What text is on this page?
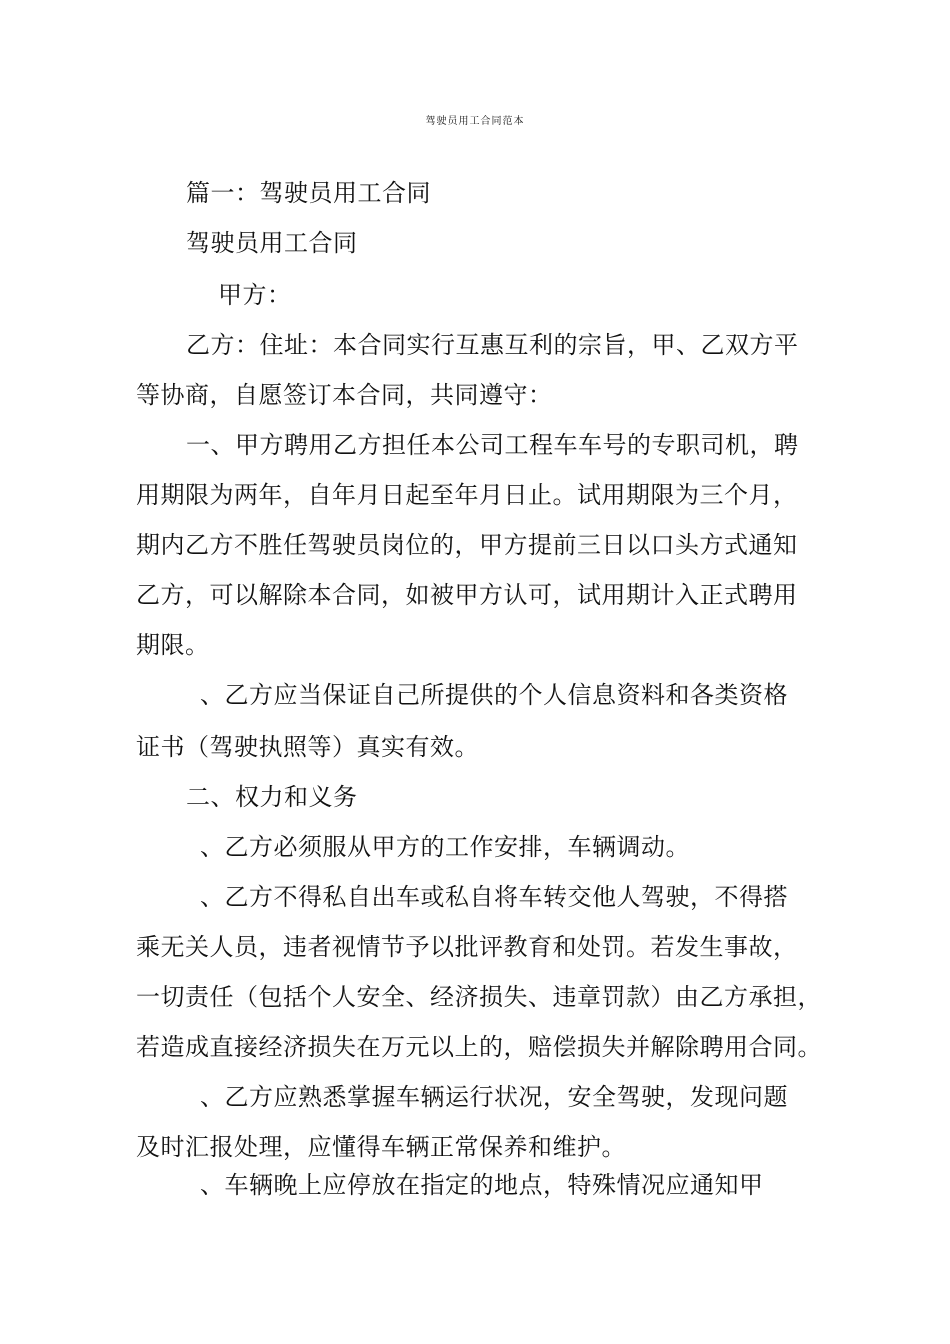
驾驶员用工合同范本
篇一：驾驶员用工合同
驾驶员用工合同
甲方：
乙方：住址：本合同实行互惠互利的宗旨，甲、乙双方平
等协商，自愿签订本合同，共同遵守：
一、甲方聘用乙方担任本公司工程车车号的专职司机，聘
用期限为两年，自年月日起至年月日止。试用期限为三个月，
期内乙方不胜任驾驶员岗位的，甲方提前三日以口头方式通知
乙方，可以解除本合同，如被甲方认可，试用期计入正式聘用
期限。
、乙方应当保证自己所提供的个人信息资料和各类资格
证书（驾驶执照等）真实有效。
二、权力和义务
、乙方必须服从甲方的工作安排，车辆调动。
、乙方不得私自出车或私自将车转交他人驾驶，不得搭
乘无关人员，违者视情节予以批评教育和处罚。若发生事故，
一切责任（包括个人安全、经济损失、违章罚款）由乙方承担，
若造成直接经济损失在万元以上的，赔偿损失并解除聘用合同。
、乙方应熟悉掌握车辆运行状况，安全驾驶，发现问题
及时汇报处理，应懂得车辆正常保养和维护。
、车辆晚上应停放在指定的地点，特殊情况应通知甲
